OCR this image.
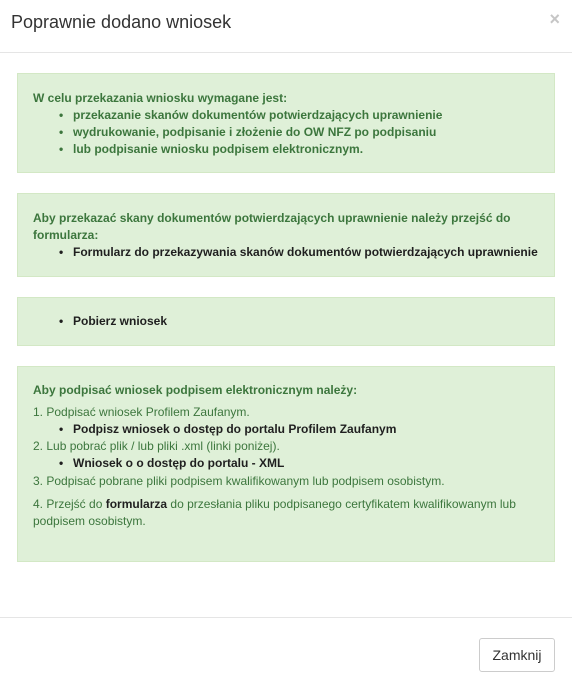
Poprawnie dodano wniosek	×
W celu przekazania wniosku wymagane jest:
• przekazanie skanów dokumentów potwierdzających uprawnienie
• wydrukowanie, podpisanie i złożenie do OW NFZ po podpisaniu
• lub podpisanie wniosku podpisem elektronicznym.
Aby przekazać skany dokumentów potwierdzających uprawnienie należy przejść do
formularza:
• Formularz do przekazywania skanów dokumentów potwierdzających uprawnienie
• Pobierz wniosek
Aby podpisać wniosek podpisem elektronicznym należy:
1. Podpisać wniosek Profilem Zaufanym.
• Podpisz wniosek o dostęp do portalu Profilem Zaufanym
2. Lub pobrać plik / lub pliki .xml (linki poniżej).
• Wniosek o o dostęp do portalu - XML
3. Podpisać pobrane pliki podpisem kwalifikowanym lub podpisem osobistym.
4. Przejść do formularza do przesłania pliku podpisanego certyfikatem kwalifikowanym lub
podpisem osobistym.
Zamknij
